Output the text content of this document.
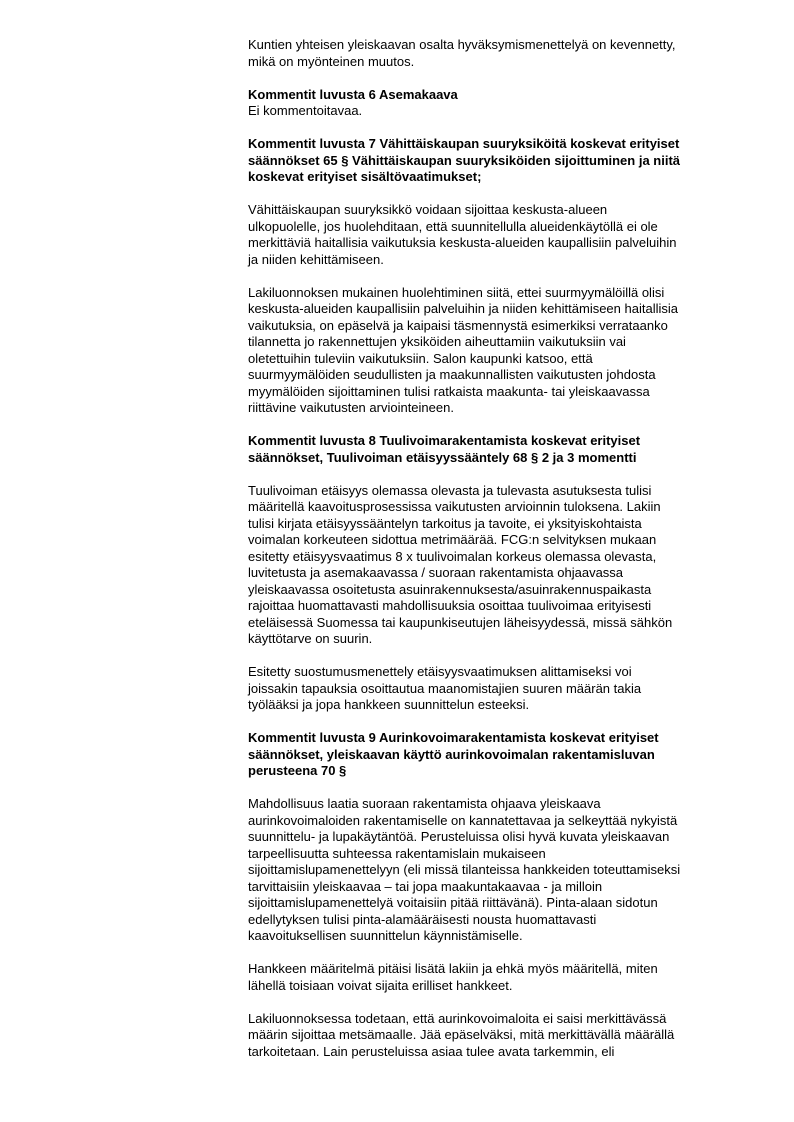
Kuntien yhteisen yleiskaavan osalta hyväksymismenettelyä on kevennetty,
mikä on myönteinen muutos.

Kommentit luvusta 6 Asemakaava

Ei kommentoitavaa.

Kommentit luvusta 7 Vähittäiskaupan suuryksiköitä koskevat erityiset
säännökset 65 § Vähittäiskaupan suuryksiköiden sijoittuminen ja niitä
koskevat erityiset sisältövaatimukset;

Vähittäiskaupan suuryksikkö voidaan sijoittaa keskusta-alueen
ulkopuolelle, jos huolehditaan, että suunnitellulla alueidenkäytöllä ei ole
merkittäviä haitallisia vaikutuksia keskusta-alueiden kaupallisiin palveluihin
ja niiden kehittämiseen.

Lakiluonnoksen mukainen huolehtiminen siitä, ettei suurmyymälöillä olisi
keskusta-alueiden kaupallisiin palveluihin ja niiden kehittämiseen haitallisia
vaikutuksia, on epäselvä ja kaipaisi täsmennystä esimerkiksi verrataanko
tilannetta jo rakennettujen yksiköiden aiheuttamiin vaikutuksiin vai
oletettuihin tuleviin vaikutuksiin. Salon kaupunki katsoo, että
suurmyymälöiden seudullisten ja maakunnallisten vaikutusten johdosta
myymälöiden sijoittaminen tulisi ratkaista maakunta- tai yleiskaavassa
riittävine vaikutusten arviointeineen.

Kommentit luvusta 8 Tuulivoimarakentamista koskevat erityiset
säännökset, Tuulivoiman etäisyyssääntely 68 § 2 ja 3 momentti

Tuulivoiman etäisyys olemassa olevasta ja tulevasta asutuksesta tulisi
määritellä kaavoitusprosessissa vaikutusten arvioinnin tuloksena. Lakiin
tulisi kirjata etäisyyssääntelyn tarkoitus ja tavoite, ei yksityiskohtaista
voimalan korkeuteen sidottua metrimäärää. FCG:n selvityksen mukaan
esitetty etäisyysvaatimus 8 x tuulivoimalan korkeus olemassa olevasta,
luvitetusta ja asemakaavassa / suoraan rakentamista ohjaavassa
yleiskaavassa osoitetusta asuinrakennuksesta/asuinrakennuspaikasta
rajoittaa huomattavasti mahdollisuuksia osoittaa tuulivoimaa erityisesti
eteläisessä Suomessa tai kaupunkiseutujen läheisyydessä, missä sähkön
käyttötarve on suurin.

Esitetty suostumusmenettely etäisyysvaatimuksen alittamiseksi voi
joissakin tapauksia osoittautua maanomistajien suuren määrän takia
työlääksi ja jopa hankkeen suunnittelun esteeksi.

Kommentit luvusta 9 Aurinkovoimarakentamista koskevat erityiset
säännökset, yleiskaavan käyttö aurinkovoimalan rakentamisluvan
perusteena 70 §

Mahdollisuus laatia suoraan rakentamista ohjaava yleiskaava
aurinkovoimaloiden rakentamiselle on kannatettavaa ja selkeyttää nykyistä
suunnittelu- ja lupakäytäntöä. Perusteluissa olisi hyvä kuvata yleiskaavan
tarpeellisuutta suhteessa rakentamislain mukaiseen
sijoittamislupamenettelyyn (eli missä tilanteissa hankkeiden toteuttamiseksi
tarvittaisiin yleiskaavaa – tai jopa maakuntakaavaa - ja milloin
sijoittamislupamenettelyä voitaisiin pitää riittävänä). Pinta-alaan sidotun
edellytyksen tulisi pinta-alamääräisesti nousta huomattavasti
kaavoituksellisen suunnittelun käynnistämiselle.

Hankkeen määritelmä pitäisi lisätä lakiin ja ehkä myös määritellä, miten
lähellä toisiaan voivat sijaita erilliset hankkeet.

Lakiluonnoksessa todetaan, että aurinkovoimaloita ei saisi merkittävässä
määrin sijoittaa metsämaalle. Jää epäselväksi, mitä merkittävällä määrällä
tarkoitetaan. Lain perusteluissa asiaa tulee avata tarkemmin, eli
